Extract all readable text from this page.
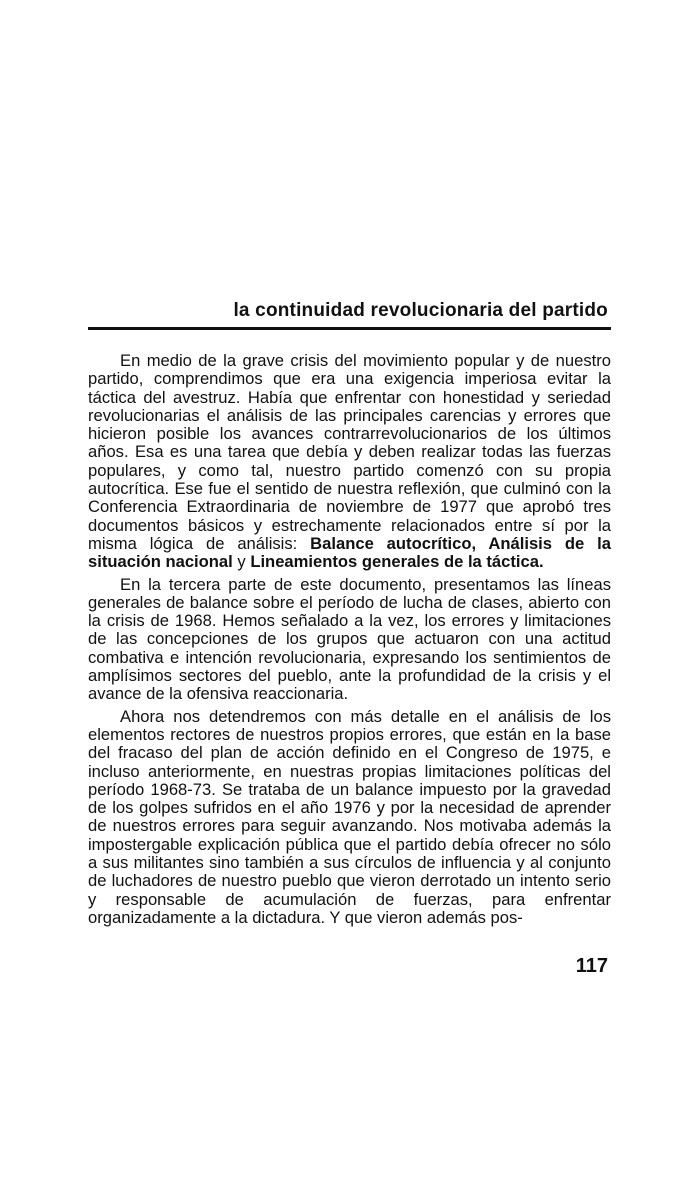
la continuidad revolucionaria del partido

En medio de la grave crisis del movimiento popular y de nuestro partido, comprendimos que era una exigencia imperiosa evitar la táctica del avestruz. Había que enfrentar con honestidad y seriedad revolucionarias el análisis de las principales carencias y errores que hicieron posible los avances contrarrevolucionarios de los últimos años. Esa es una tarea que debía y deben realizar todas las fuerzas populares, y como tal, nuestro partido comenzó con su propia autocrítica. Ese fue el sentido de nuestra reflexión, que culminó con la Conferencia Extraordinaria de noviembre de 1977 que aprobó tres documentos básicos y estrechamente relacionados entre sí por la misma lógica de análisis: Balance autocrítico, Análisis de la situación nacional y Lineamientos generales de la táctica.

En la tercera parte de este documento, presentamos las líneas generales de balance sobre el período de lucha de clases, abierto con la crisis de 1968. Hemos señalado a la vez, los errores y limitaciones de las concepciones de los grupos que actuaron con una actitud combativa e intención revolucionaria, expresando los sentimientos de amplísimos sectores del pueblo, ante la profundidad de la crisis y el avance de la ofensiva reaccionaria.

Ahora nos detendremos con más detalle en el análisis de los elementos rectores de nuestros propios errores, que están en la base del fracaso del plan de acción definido en el Congreso de 1975, e incluso anteriormente, en nuestras propias limitaciones políticas del período 1968-73. Se trataba de un balance impuesto por la gravedad de los golpes sufridos en el año 1976 y por la necesidad de aprender de nuestros errores para seguir avanzando. Nos motivaba además la impostergable explicación pública que el partido debía ofrecer no sólo a sus militantes sino también a sus círculos de influencia y al conjunto de luchadores de nuestro pueblo que vieron derrotado un intento serio y responsable de acumulación de fuerzas, para enfrentar organizadamente a la dictadura. Y que vieron además pos-

117
